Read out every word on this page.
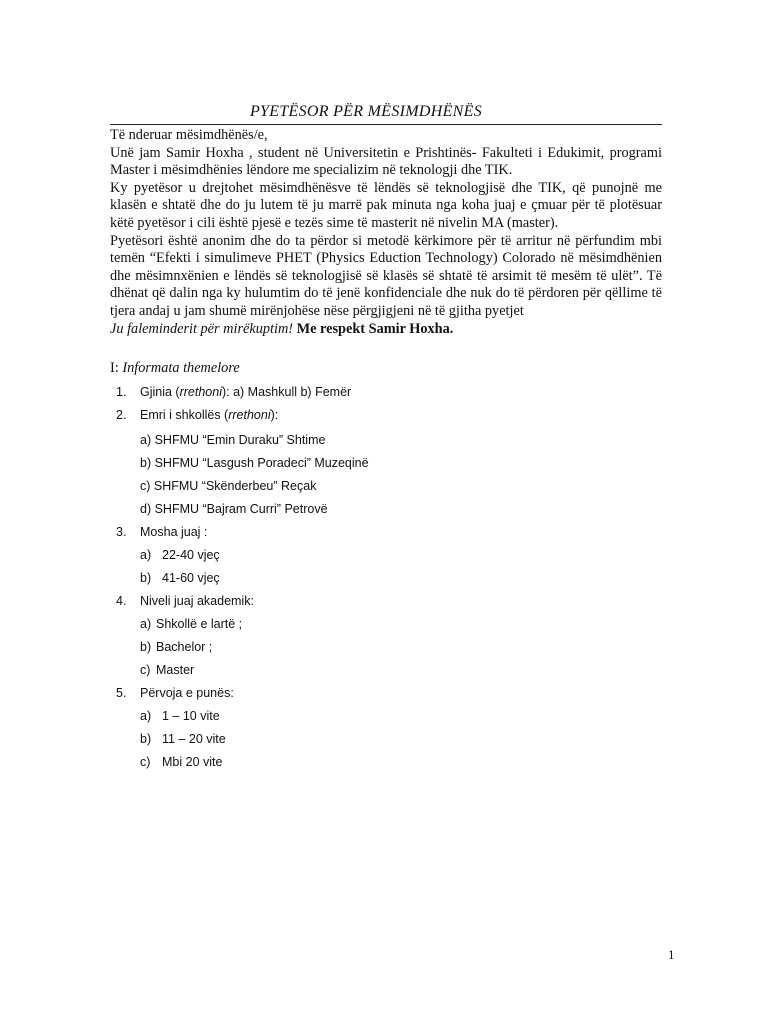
PYETËSOR PËR MËSIMDHËNËS

Të nderuar mësimdhënës/e,

Unë jam Samir Hoxha , student në Universitetin e Prishtinës- Fakulteti i Edukimit, programi Master i mësimdhënies lëndore me specializim në teknologji dhe TIK.

Ky pyetësor u drejtohet mësimdhënësve të lëndës së teknologjisë dhe TIK, që punojnë me klasën e shtatë dhe do ju lutem të ju marrë pak minuta nga koha juaj e çmuar për të plotësuar këtë pyetësor i cili është pjesë e tezës sime të masterit në nivelin MA (master).

Pyetësori është anonim dhe do ta përdor si metodë kërkimore për të arritur në përfundim mbi temën “Efekti i simulimeve PHET (Physics Eduction Technology) Colorado në mësimdhënien dhe mësimnxënien e lëndës së teknologjisë së klasës së shtatë të arsimit të mesëm të ulët”. Të dhënat që dalin nga ky hulumtim do të jenë konfidenciale dhe nuk do të përdoren për qëllime të tjera andaj u jam shumë mirënjohëse nëse përgjigjeni në të gjitha pyetjet

Ju faleminderit për mirëkuptim! Me respekt Samir Hoxha.

I: Informata themelore
1. Gjinia (rrethoni): a) Mashkull b) Femër
2. Emri i shkollës (rrethoni):
a) SHFMU “Emin Duraku” Shtime
b) SHFMU “Lasgush Poradeci” Muzeqinë
c) SHFMU “Skënderbeu” Reçak
d) SHFMU “Bajram Curri” Petrovë
3. Mosha juaj :
a) 22-40 vjeç
b) 41-60 vjeç
4. Niveli juaj akademik:
a) Shkollë e lartë ;
b) Bachelor ;
c) Master
5. Përvoja e punës:
a) 1 – 10 vite
b) 11 – 20 vite
c) Mbi 20 vite
1
